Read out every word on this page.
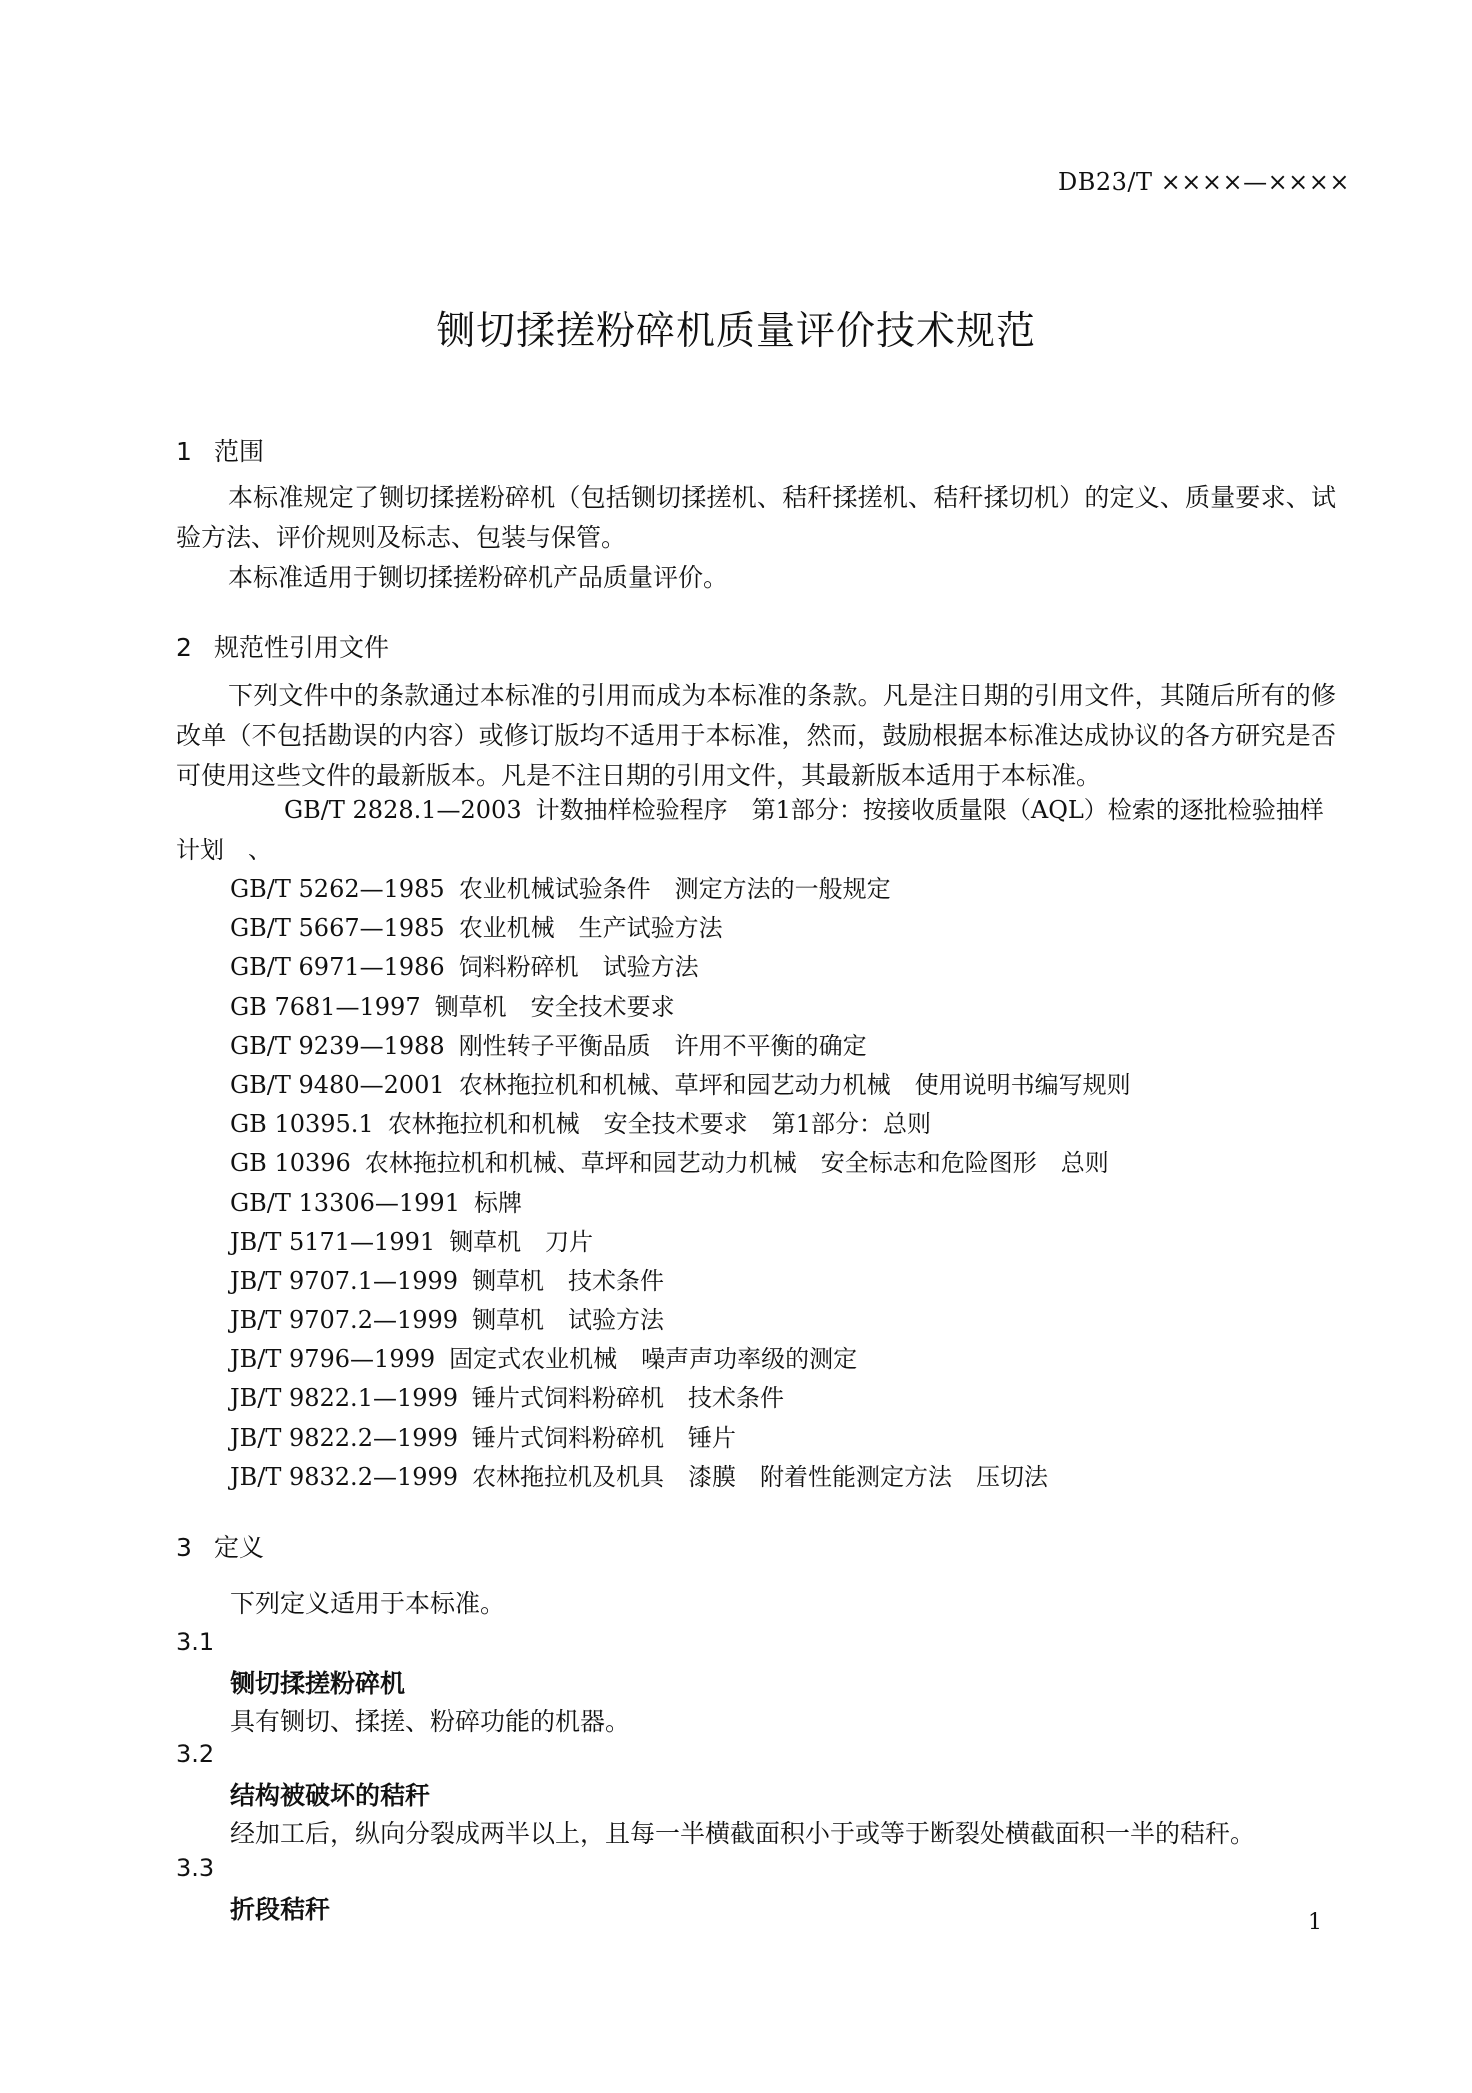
DB23/T ××××—××××
铡切揉搓粉碎机质量评价技术规范
1 范围

本标准规定了铡切揉搓粉碎机（包括铡切揉搓机、秸秆揉搓机、秸秆揉切机）的定义、质量要求、试验方法、评价规则及标志、包装与保管。

本标准适用于铡切揉搓粉碎机产品质量评价。

2 规范性引用文件

下列文件中的条款通过本标准的引用而成为本标准的条款。凡是注日期的引用文件，其随后所有的修改单（不包括勘误的内容）或修订版均不适用于本标准，然而，鼓励根据本标准达成协议的各方研究是否可使用这些文件的最新版本。凡是不注日期的引用文件，其最新版本适用于本标准。

GB/T 2828.1—2003 计数抽样检验程序　第1部分：按接收质量限（AQL）检索的逐批检验抽样计划　、
GB/T 5262—1985 农业机械试验条件　测定方法的一般规定
GB/T 5667—1985 农业机械　生产试验方法
GB/T 6971—1986 饲料粉碎机　试验方法
GB 7681—1997 铡草机　安全技术要求
GB/T 9239—1988 刚性转子平衡品质　许用不平衡的确定
GB/T 9480—2001 农林拖拉机和机械、草坪和园艺动力机械　使用说明书编写规则
GB 10395.1 农林拖拉机和机械　安全技术要求　第1部分：总则
GB 10396 农林拖拉机和机械、草坪和园艺动力机械　安全标志和危险图形　总则
GB/T 13306—1991 标牌
JB/T 5171—1991 铡草机　刀片
JB/T 9707.1—1999 铡草机　技术条件
JB/T 9707.2—1999 铡草机　试验方法
JB/T 9796—1999 固定式农业机械　噪声声功率级的测定
JB/T 9822.1—1999 锤片式饲料粉碎机　技术条件
JB/T 9822.2—1999 锤片式饲料粉碎机　锤片
JB/T 9832.2—1999 农林拖拉机及机具　漆膜　附着性能测定方法　压切法
3 定义
下列定义适用于本标准。
3.1
铡切揉搓粉碎机
具有铡切、揉搓、粉碎功能的机器。
3.2
结构被破坏的秸秆
经加工后，纵向分裂成两半以上，且每一半横截面积小于或等于断裂处横截面积一半的秸秆。
3.3
折段秸秆	1
